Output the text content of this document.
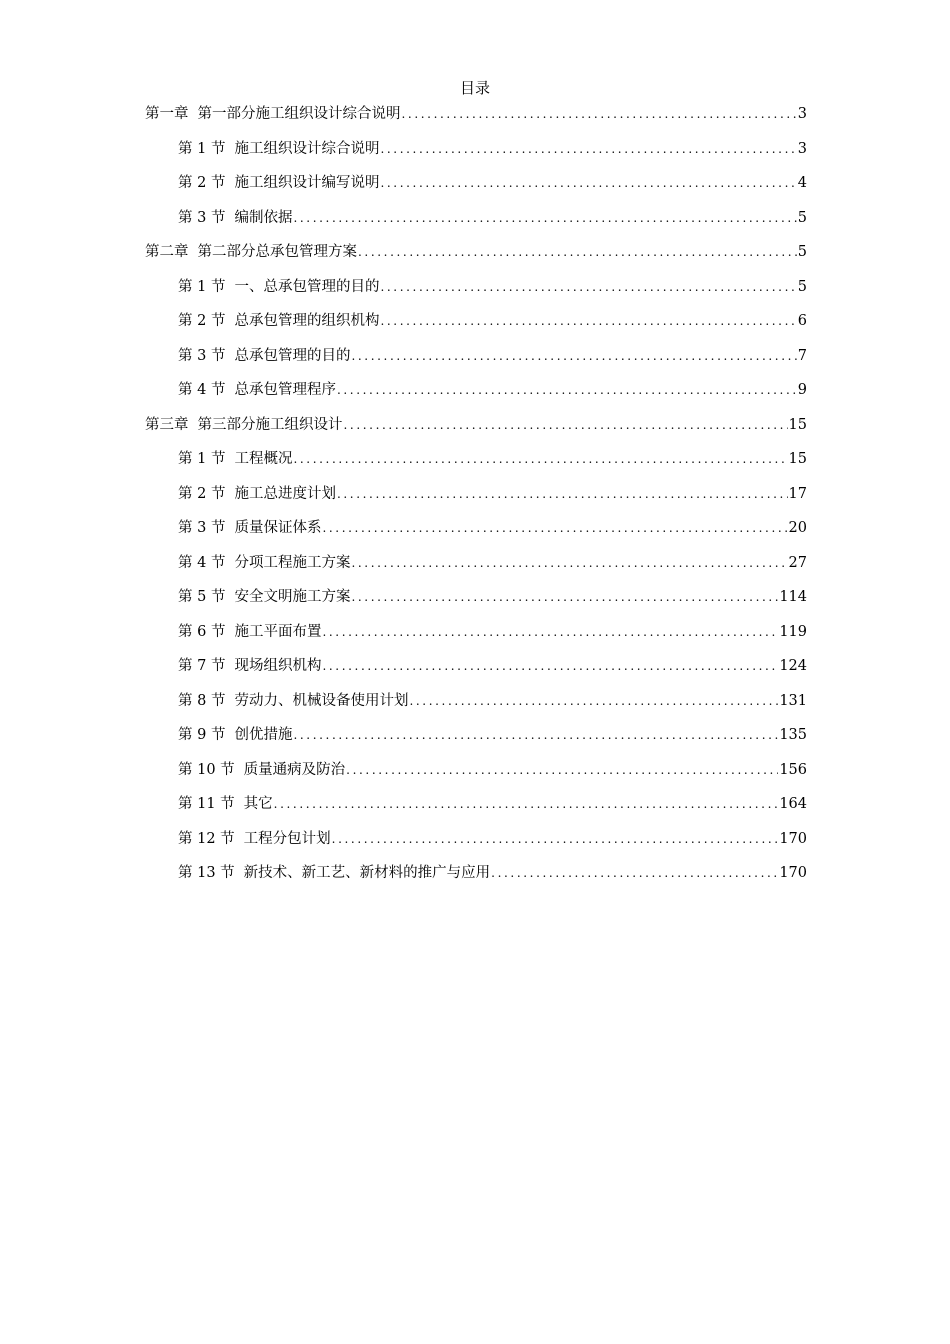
目录
第一章 第一部分施工组织设计综合说明 .....	3
第 1 节 施工组织设计综合说明 .....	3
第 2 节 施工组织设计编写说明 .....	4
第 3 节 编制依据 .....	5
第二章 第二部分总承包管理方案 .....	5
第 1 节 一、总承包管理的目的 .....	5
第 2 节 总承包管理的组织机构 .....	6
第 3 节 总承包管理的目的 .....	7
第 4 节 总承包管理程序 .....	9
第三章 第三部分施工组织设计 .....	15
第 1 节 工程概况 .....	15
第 2 节 施工总进度计划 .....	17
第 3 节 质量保证体系 .....	20
第 4 节 分项工程施工方案 .....	27
第 5 节 安全文明施工方案 .....	114
第 6 节 施工平面布置 .....	119
第 7 节 现场组织机构 .....	124
第 8 节 劳动力、机械设备使用计划 .....	131
第 9 节 创优措施 .....	135
第 10 节 质量通病及防治 .....	156
第 11 节 其它 .....	164
第 12 节 工程分包计划 .....	170
第 13 节 新技术、新工艺、新材料的推广与应用 .....	170
